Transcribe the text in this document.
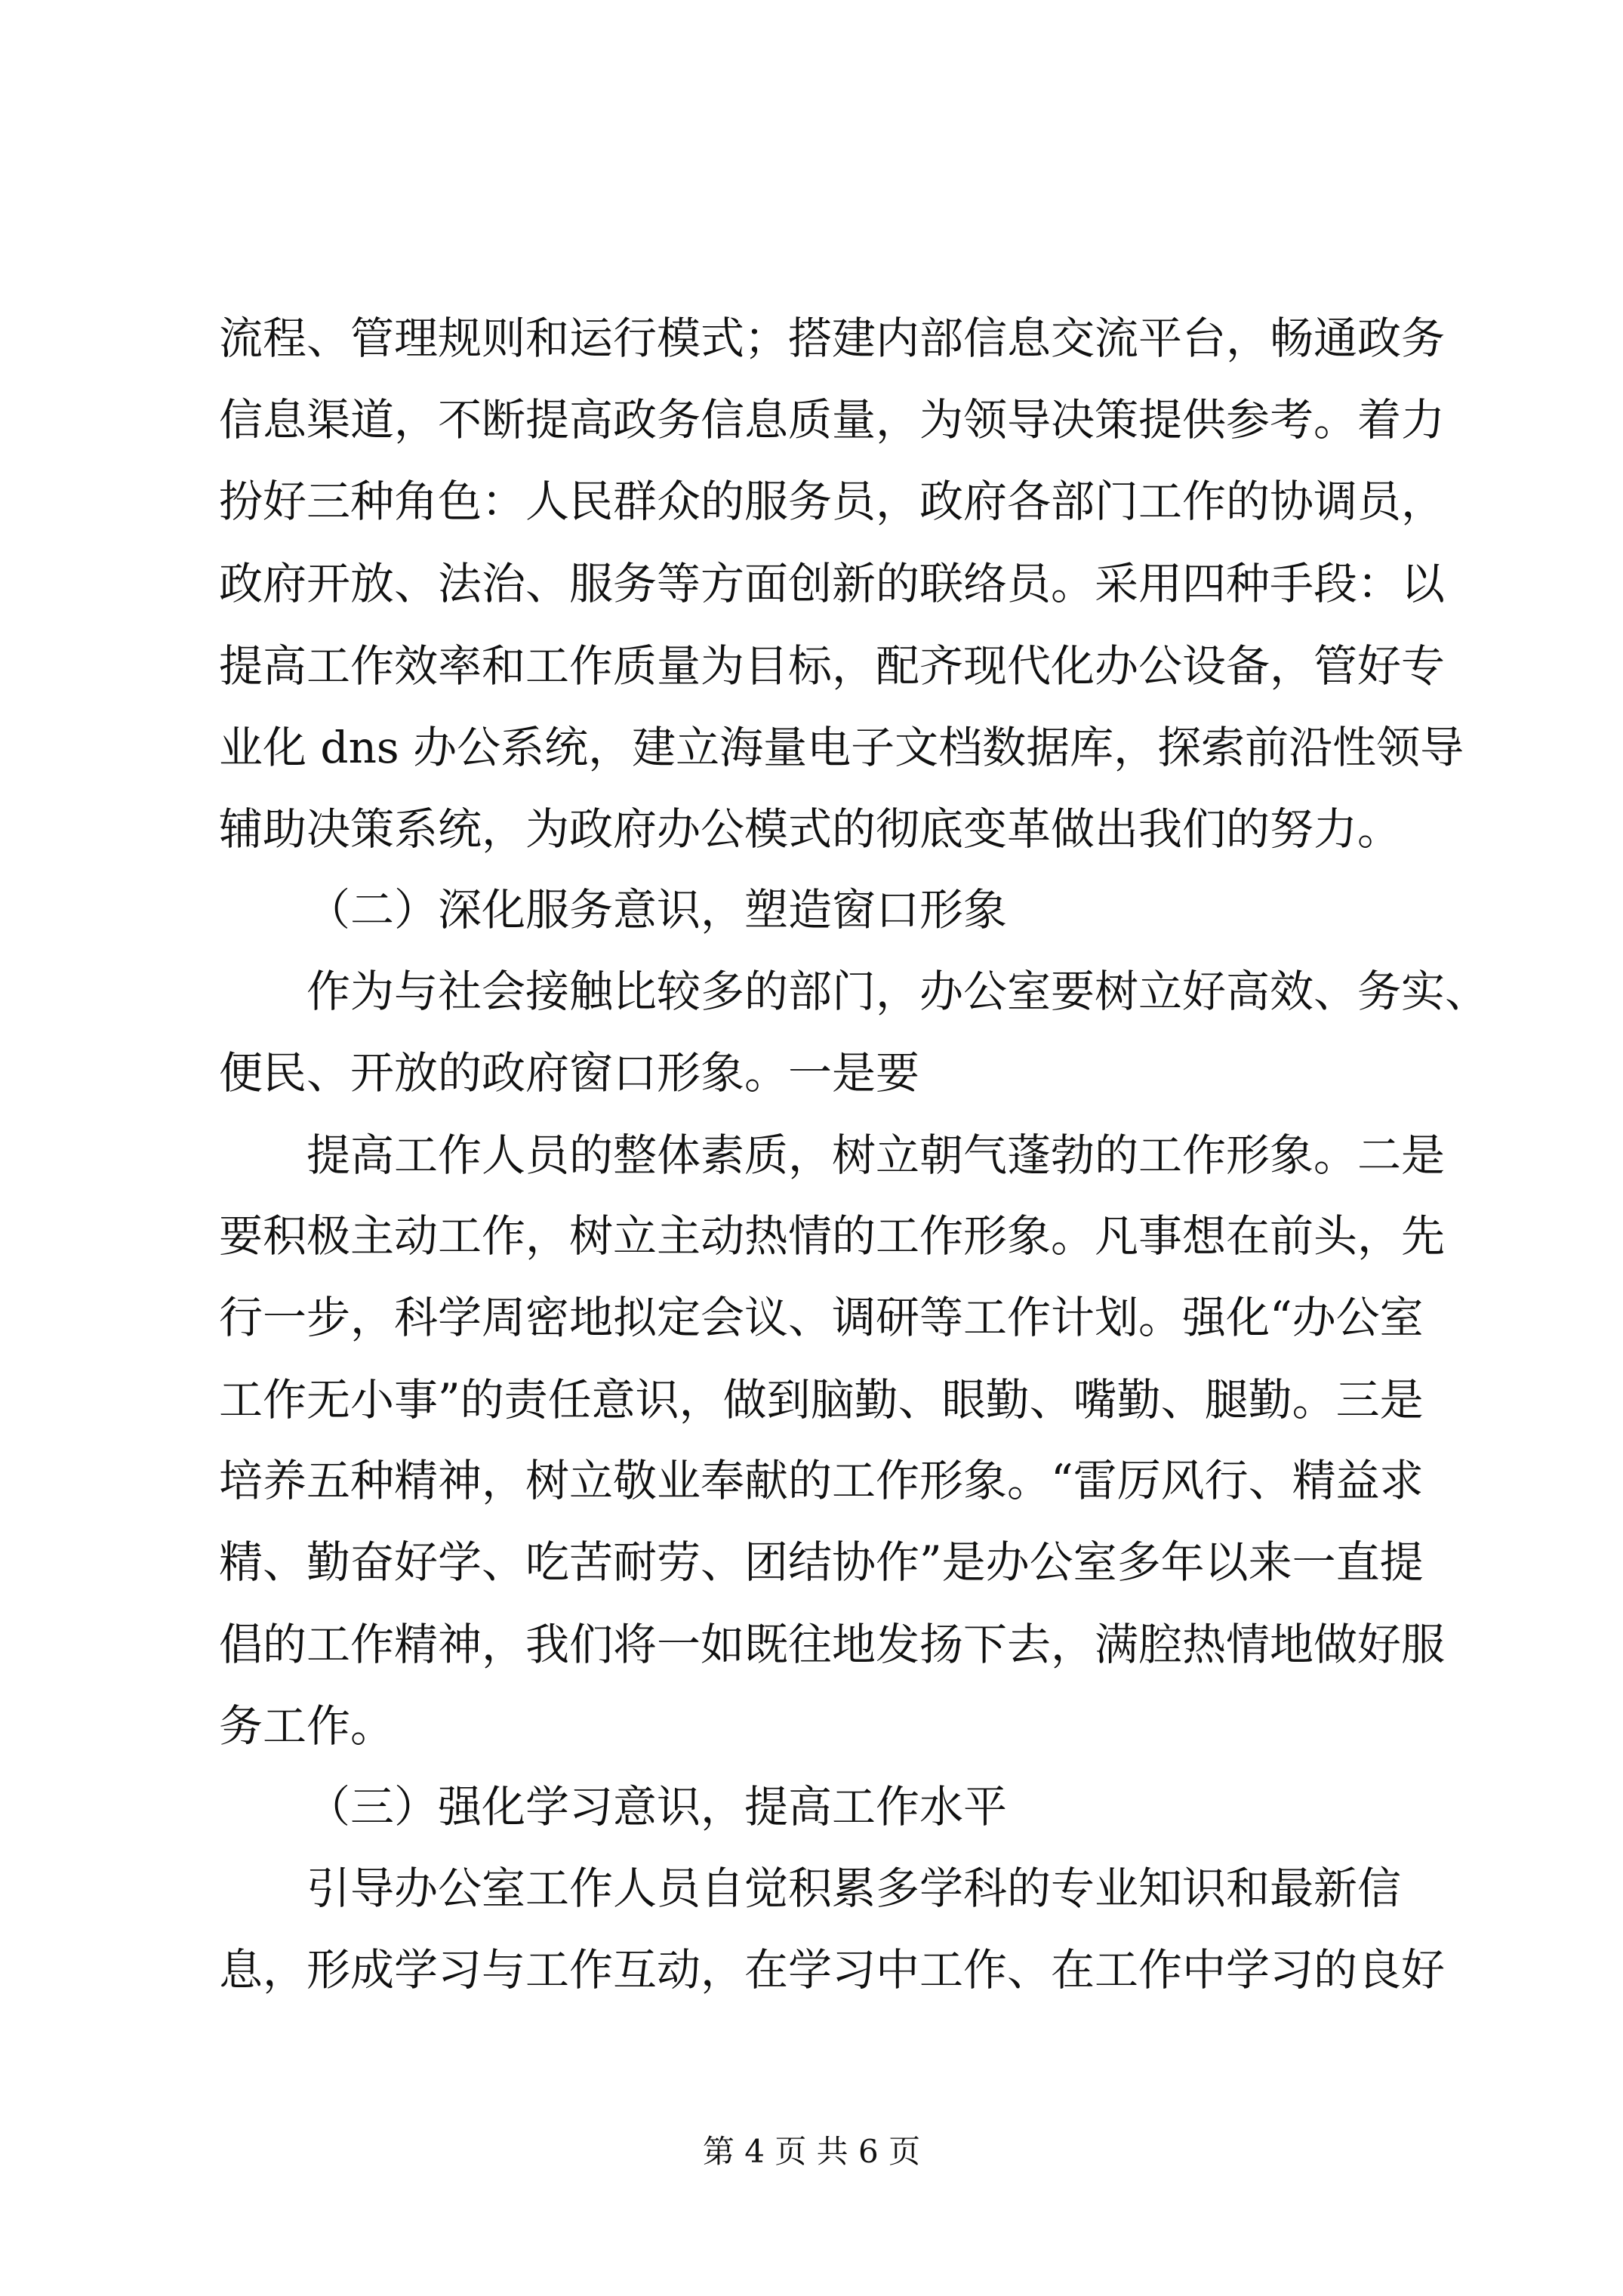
流程、管理规则和运行模式；搭建内部信息交流平台，畅通政务
信息渠道，不断提高政务信息质量，为领导决策提供参考。着力
扮好三种角色：人民群众的服务员，政府各部门工作的协调员，
政府开放、法治、服务等方面创新的联络员。采用四种手段：以
提高工作效率和工作质量为目标，配齐现代化办公设备，管好专
业化 dns 办公系统，建立海量电子文档数据库，探索前沿性领导
辅助决策系统，为政府办公模式的彻底变革做出我们的努力。
（二）深化服务意识，塑造窗口形象
作为与社会接触比较多的部门，办公室要树立好高效、务实、
便民、开放的政府窗口形象。一是要
提高工作人员的整体素质，树立朝气蓬勃的工作形象。二是
要积极主动工作，树立主动热情的工作形象。凡事想在前头，先
行一步，科学周密地拟定会议、调研等工作计划。强化“办公室
工作无小事”的责任意识，做到脑勤、眼勤、嘴勤、腿勤。三是
培养五种精神，树立敬业奉献的工作形象。“雷厉风行、精益求
精、勤奋好学、吃苦耐劳、团结协作”是办公室多年以来一直提
倡的工作精神，我们将一如既往地发扬下去，满腔热情地做好服
务工作。
（三）强化学习意识，提高工作水平
引导办公室工作人员自觉积累多学科的专业知识和最新信
息，形成学习与工作互动，在学习中工作、在工作中学习的良好
第 4 页 共 6 页
